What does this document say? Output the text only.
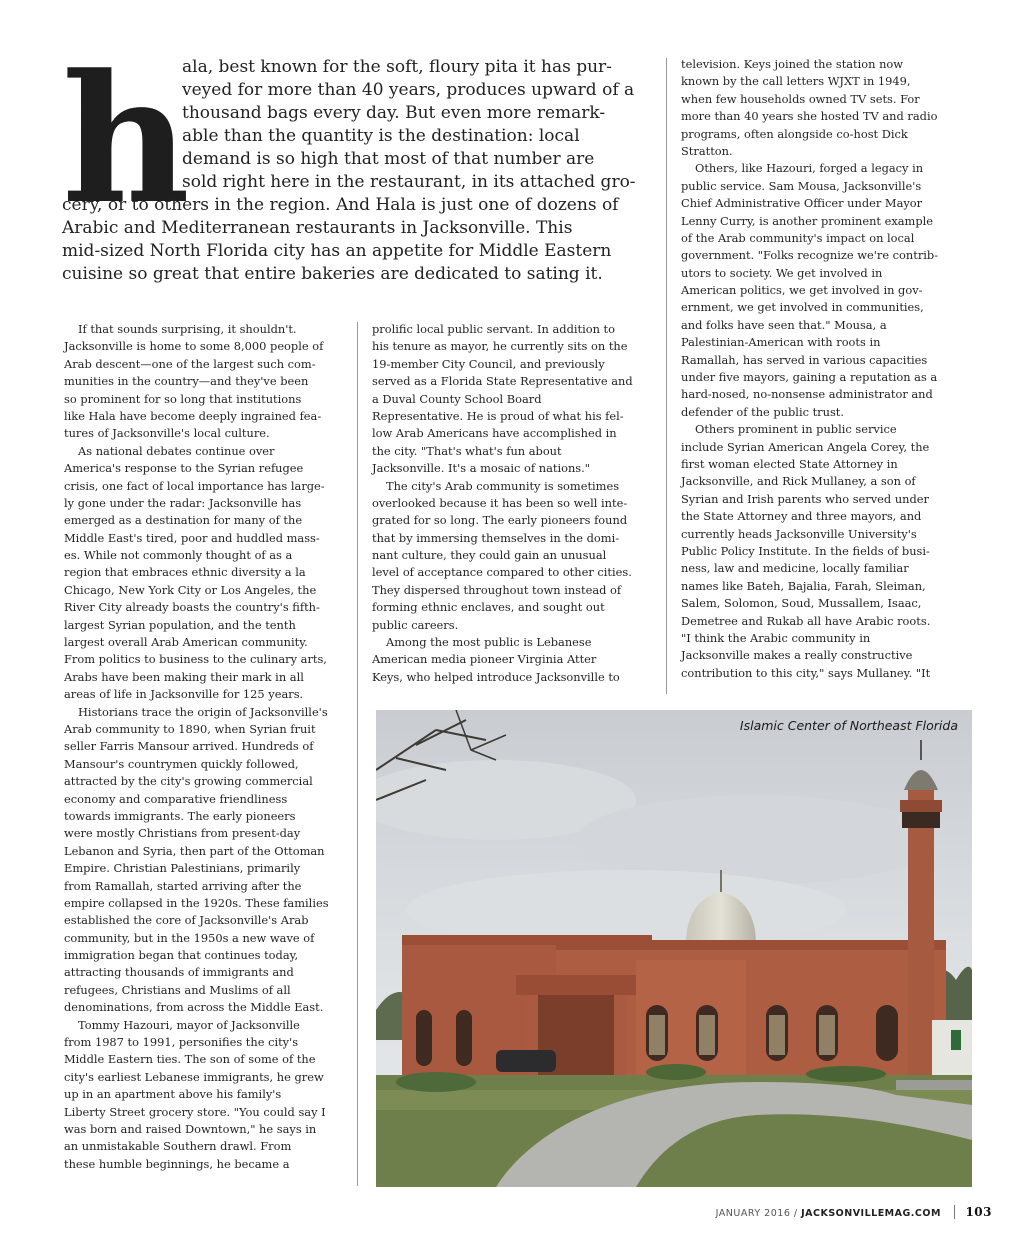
h
ala, best known for the soft, floury pita it has pur-
veyed for more than 40 years, produces upward of a
thousand bags every day. But even more remark-
able than the quantity is the destination: local
demand is so high that most of that number are
sold right here in the restaurant, in its attached gro-
cery, or to others in the region. And Hala is just one of dozens of
Arabic and Mediterranean restaurants in Jacksonville. This
mid-sized North Florida city has an appetite for Middle Eastern
cuisine so great that entire bakeries are dedicated to sating it.
If that sounds surprising, it shouldn't.
Jacksonville is home to some 8,000 people of
Arab descent—one of the largest such com-
munities in the country—and they've been
so prominent for so long that institutions
like Hala have become deeply ingrained fea-
tures of Jacksonville's local culture.
As national debates continue over
America's response to the Syrian refugee
crisis, one fact of local importance has large-
ly gone under the radar: Jacksonville has
emerged as a destination for many of the
Middle East's tired, poor and huddled mass-
es. While not commonly thought of as a
region that embraces ethnic diversity a la
Chicago, New York City or Los Angeles, the
River City already boasts the country's fifth-
largest Syrian population, and the tenth
largest overall Arab American community.
From politics to business to the culinary arts,
Arabs have been making their mark in all
areas of life in Jacksonville for 125 years.
Historians trace the origin of Jacksonville's
Arab community to 1890, when Syrian fruit
seller Farris Mansour arrived. Hundreds of
Mansour's countrymen quickly followed,
attracted by the city's growing commercial
economy and comparative friendliness
towards immigrants. The early pioneers
were mostly Christians from present-day
Lebanon and Syria, then part of the Ottoman
Empire. Christian Palestinians, primarily
from Ramallah, started arriving after the
empire collapsed in the 1920s. These families
established the core of Jacksonville's Arab
community, but in the 1950s a new wave of
immigration began that continues today,
attracting thousands of immigrants and
refugees, Christians and Muslims of all
denominations, from across the Middle East.
Tommy Hazouri, mayor of Jacksonville
from 1987 to 1991, personifies the city's
Middle Eastern ties. The son of some of the
city's earliest Lebanese immigrants, he grew
up in an apartment above his family's
Liberty Street grocery store. "You could say I
was born and raised Downtown," he says in
an unmistakable Southern drawl. From
these humble beginnings, he became a
prolific local public servant. In addition to
his tenure as mayor, he currently sits on the
19-member City Council, and previously
served as a Florida State Representative and
a Duval County School Board
Representative. He is proud of what his fel-
low Arab Americans have accomplished in
the city. "That's what's fun about
Jacksonville. It's a mosaic of nations."
The city's Arab community is sometimes
overlooked because it has been so well inte-
grated for so long. The early pioneers found
that by immersing themselves in the domi-
nant culture, they could gain an unusual
level of acceptance compared to other cities.
They dispersed throughout town instead of
forming ethnic enclaves, and sought out
public careers.
Among the most public is Lebanese
American media pioneer Virginia Atter
Keys, who helped introduce Jacksonville to
television. Keys joined the station now
known by the call letters WJXT in 1949,
when few households owned TV sets. For
more than 40 years she hosted TV and radio
programs, often alongside co-host Dick
Stratton.
Others, like Hazouri, forged a legacy in
public service. Sam Mousa, Jacksonville's
Chief Administrative Officer under Mayor
Lenny Curry, is another prominent example
of the Arab community's impact on local
government. "Folks recognize we're contrib-
utors to society. We get involved in
American politics, we get involved in gov-
ernment, we get involved in communities,
and folks have seen that." Mousa, a
Palestinian-American with roots in
Ramallah, has served in various capacities
under five mayors, gaining a reputation as a
hard-nosed, no-nonsense administrator and
defender of the public trust.
Others prominent in public service
include Syrian American Angela Corey, the
first woman elected State Attorney in
Jacksonville, and Rick Mullaney, a son of
Syrian and Irish parents who served under
the State Attorney and three mayors, and
currently heads Jacksonville University's
Public Policy Institute. In the fields of busi-
ness, law and medicine, locally familiar
names like Bateh, Bajalia, Farah, Sleiman,
Salem, Solomon, Soud, Mussallem, Isaac,
Demetree and Rukab all have Arabic roots.
"I think the Arabic community in
Jacksonville makes a really constructive
contribution to this city," says Mullaney. "It
Islamic Center of Northeast Florida
JANUARY 2016 / JACKSONVILLEMAG.COM 103
